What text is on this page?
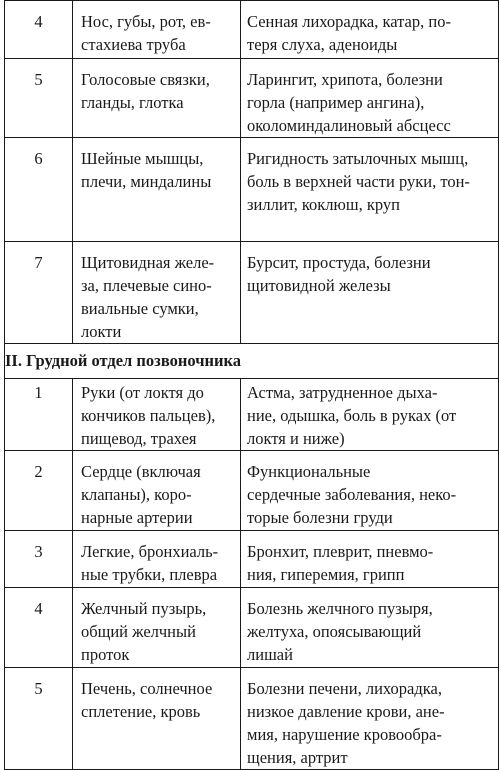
4	Нос, губы, рот, ев-
стахиева труба	Сенная лихорадка, катар, по-
теря слуха, аденоиды

5	Голосовые связки,
гланды, глотка	Ларингит, хрипота, болезни
горла (например ангина),
околоминдалиновый абсцесс

6	Шейные мышцы,
плечи, миндалины	Ригидность затылочных мышц,
боль в верхней части руки, тон-
зиллит, коклюш, круп

7	Щитовидная желе-
за, плечевые сино-
виальные сумки,
локти	Бурсит, простуда, болезни
щитовидной железы

II. Грудной отдел позвоночника		

1	Руки (от локтя до
кончиков пальцев),
пищевод, трахея	Астма, затрудненное дыха-
ние, одышка, боль в руках (от
локтя и ниже)

2	Сердце (включая
клапаны), коро-
нарные артерии	Функциональные
сердечные заболевания, неко-
торые болезни груди

3	Легкие, бронхиаль-
ные трубки, плевра	Бронхит, плеврит, пневмо-
ния, гиперемия, грипп

4	Желчный пузырь,
общий желчный
проток	Болезнь желчного пузыря,
желтуха, опоясывающий
лишай

5	Печень, солнечное
сплетение, кровь	Болезни печени, лихорадка,
низкое давление крови, ане-
мия, нарушение кровообра-
щения, артрит
